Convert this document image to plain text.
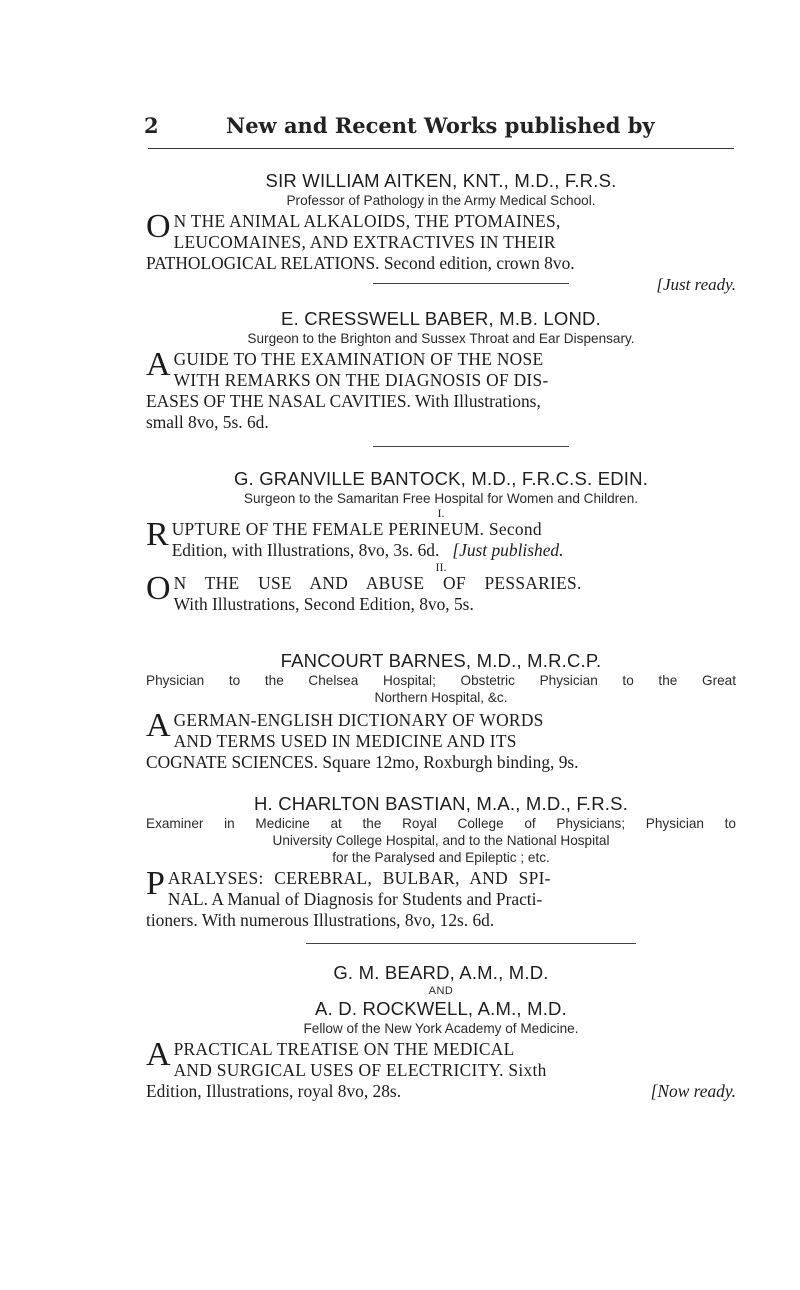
2	New and Recent Works published by
SIR WILLIAM AITKEN, KNT., M.D., F.R.S.
Professor of Pathology in the Army Medical School.
O N THE ANIMAL ALKALOIDS, THE PTOMAINES,
LEUCOMAINES, AND EXTRACTIVES IN THEIR
PATHOLOGICAL RELATIONS. Second edition, crown 8vo.
[Just ready.
E. CRESSWELL BABER, M.B. LOND.
Surgeon to the Brighton and Sussex Throat and Ear Dispensary.
A GUIDE TO THE EXAMINATION OF THE NOSE
WITH REMARKS ON THE DIAGNOSIS OF DIS-
EASES OF THE NASAL CAVITIES. With Illustrations,
small 8vo, 5s. 6d.
G. GRANVILLE BANTOCK, M.D., F.R.C.S. EDIN.
Surgeon to the Samaritan Free Hospital for Women and Children.
I.
R UPTURE OF THE FEMALE PERINEUM. Second
Edition, with Illustrations, 8vo, 3s. 6d. [Just published.
II.
O N THE USE AND ABUSE OF PESSARIES.
With Illustrations, Second Edition, 8vo, 5s.
FANCOURT BARNES, M.D., M.R.C.P.
Physician to the Chelsea Hospital; Obstetric Physician to the Great
Northern Hospital, &c.
A GERMAN-ENGLISH DICTIONARY OF WORDS
AND TERMS USED IN MEDICINE AND ITS
COGNATE SCIENCES. Square 12mo, Roxburgh binding, 9s.
H. CHARLTON BASTIAN, M.A., M.D., F.R.S.
Examiner in Medicine at the Royal College of Physicians; Physician to
University College Hospital, and to the National Hospital
for the Paralysed and Epileptic ; etc.
P ARALYSES: CEREBRAL, BULBAR, AND SPI-
NAL. A Manual of Diagnosis for Students and Practi-
tioners. With numerous Illustrations, 8vo, 12s. 6d.
G. M. BEARD, A.M., M.D.
AND
A. D. ROCKWELL, A.M., M.D.
Fellow of the New York Academy of Medicine.
A PRACTICAL TREATISE ON THE MEDICAL
AND SURGICAL USES OF ELECTRICITY. Sixth
Edition, Illustrations, royal 8vo, 28s.	[Now ready.
